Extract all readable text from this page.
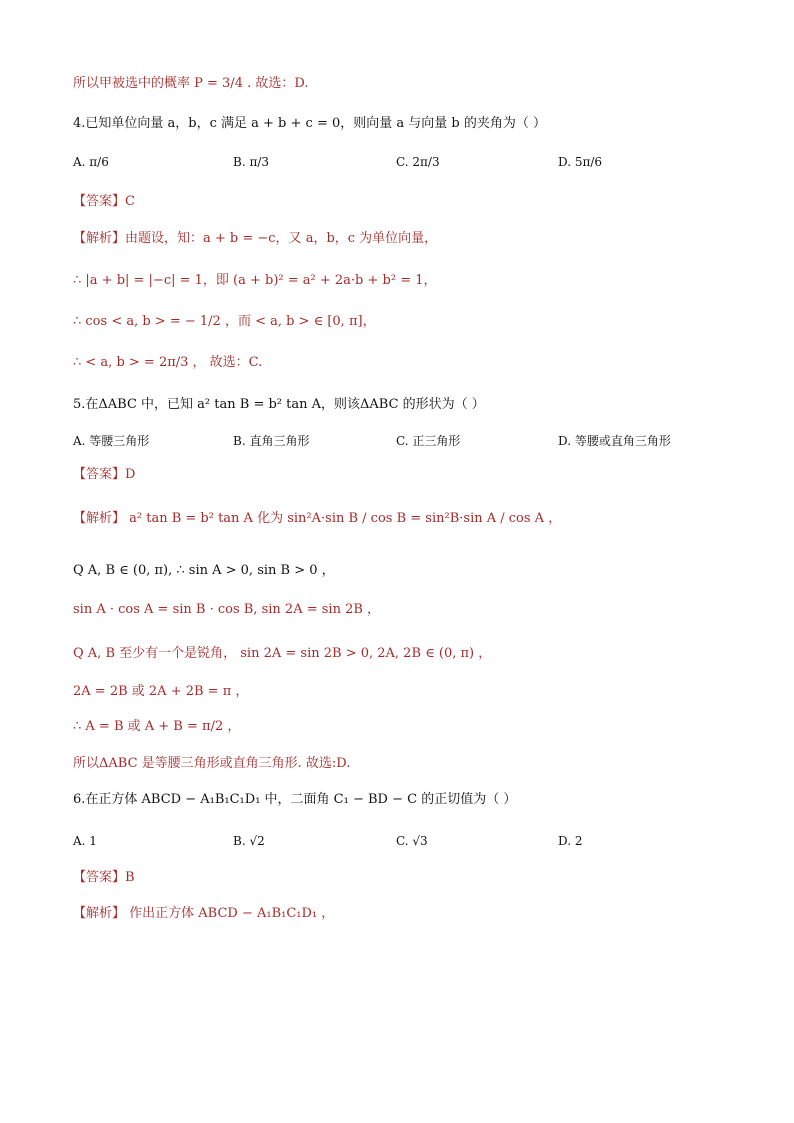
所以甲被选中的概率 P = 3/4 . 故选：D.
4.已知单位向量 a，b，c 满足 a + b + c = 0，则向量 a 与向量 b 的夹角为（ ）
A. π/6	B. π/3	C. 2π/3	D. 5π/6
【答案】C
【解析】由题设，知：a + b = −c，又 a，b，c 为单位向量，
∴ |a + b| = |−c| = 1，即 (a + b)² = a² + 2a·b + b² = 1，
∴ cos < a, b > = − 1/2 ，而 < a, b > ∈ [0, π]，
∴ < a, b > = 2π/3 ， 故选：C.
5.在ΔABC 中，已知 a² tan B = b² tan A，则该ΔABC 的形状为（ ）
A. 等腰三角形	B. 直角三角形	C. 正三角形	D. 等腰或直角三角形
【答案】D
【解析】 a² tan B = b² tan A 化为 sin²A·sin B / cos B = sin²B·sin A / cos A ，
Q A, B ∈ (0, π), ∴ sin A > 0, sin B > 0 ，
sin A · cos A = sin B · cos B, sin 2A = sin 2B ，
Q A, B 至少有一个是锐角， sin 2A = sin 2B > 0, 2A, 2B ∈ (0, π) ，
2A = 2B 或 2A + 2B = π ，
∴ A = B 或 A + B = π/2 ，
所以ΔABC 是等腰三角形或直角三角形. 故选:D.
6.在正方体 ABCD − A₁B₁C₁D₁ 中，二面角 C₁ − BD − C 的正切值为（ ）
A. 1	B. √2	C. √3	D. 2
【答案】B
【解析】 作出正方体 ABCD − A₁B₁C₁D₁ ，
